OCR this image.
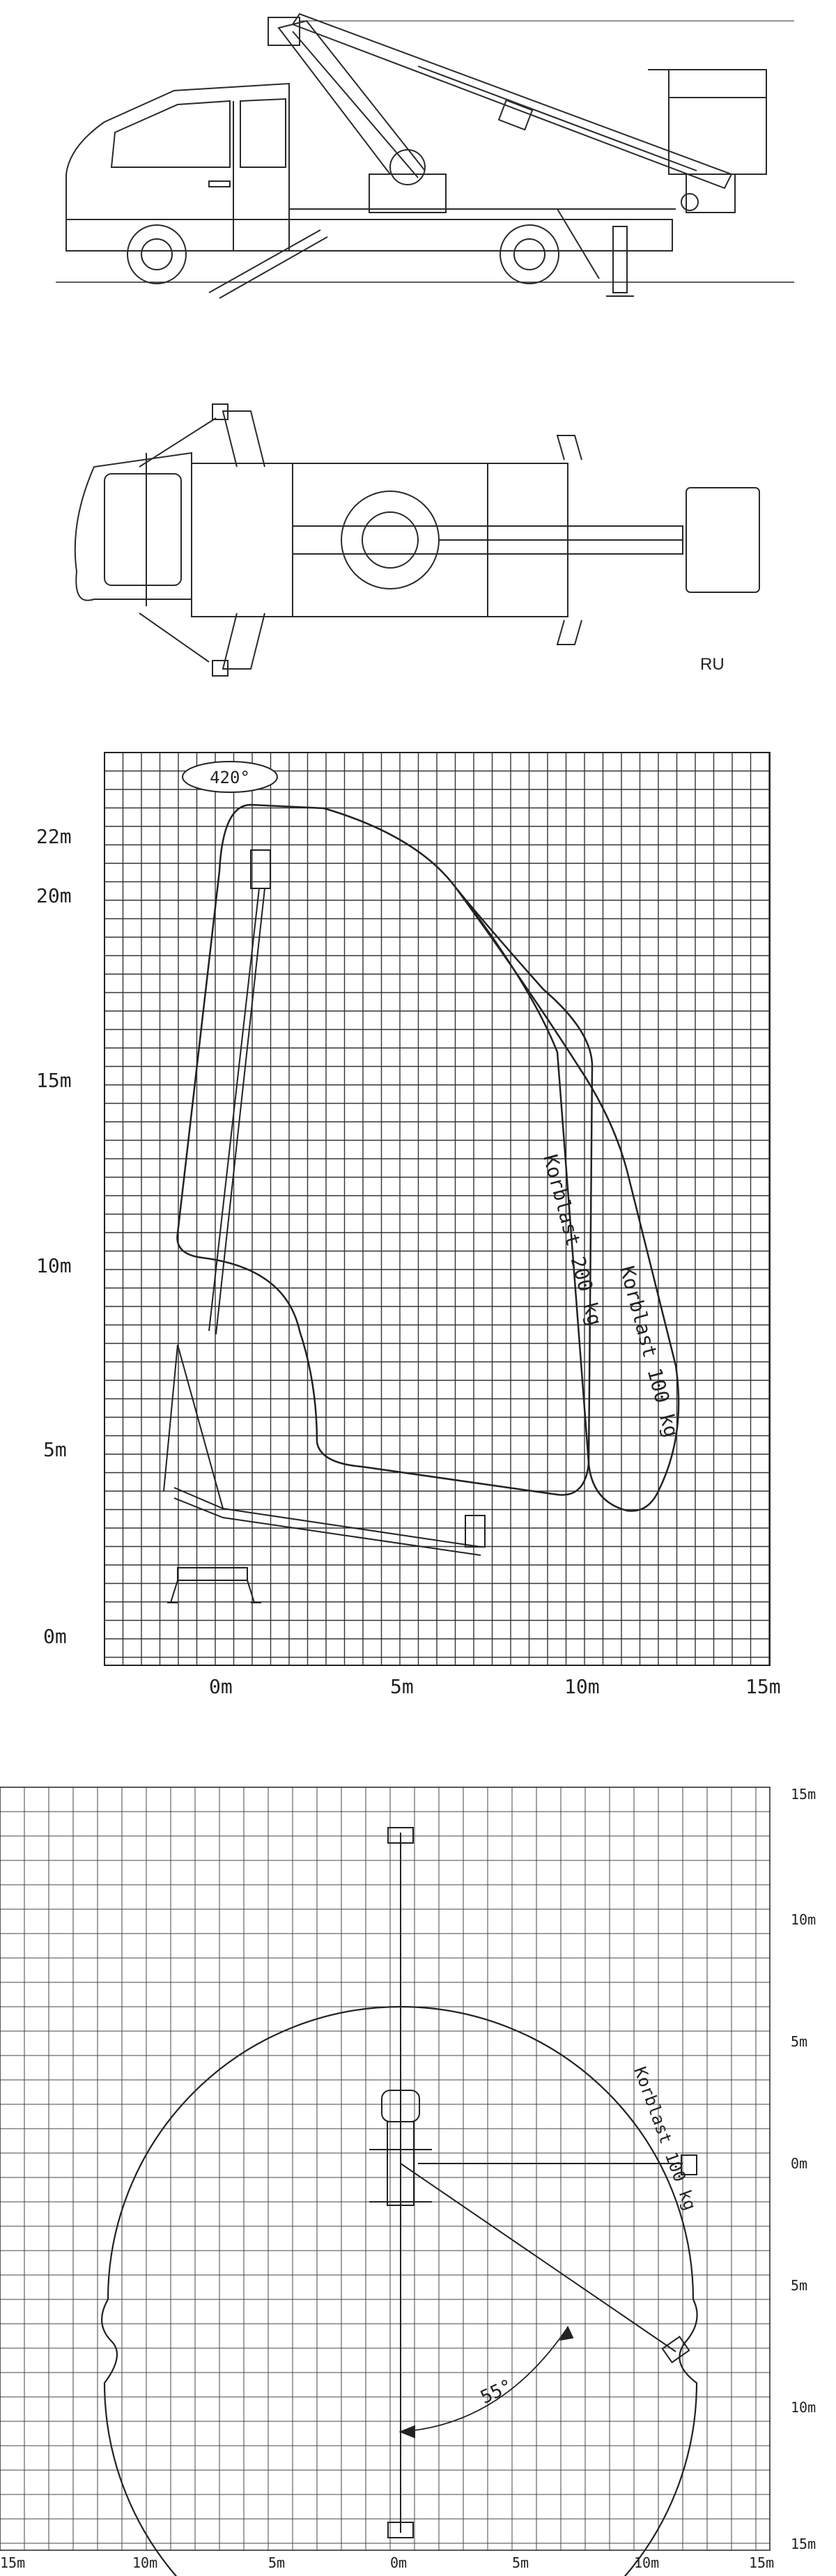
RU
420°
22m
20m
15m
10m
5m
0m
0m	5m	10m	15m
Korblast 200 kg
Korblast 100 kg
55°
Korblast 100 kg
15m
10m
5m
0m
5m
10m
15m
15m	10m	5m	0m	5m	10m	15m
